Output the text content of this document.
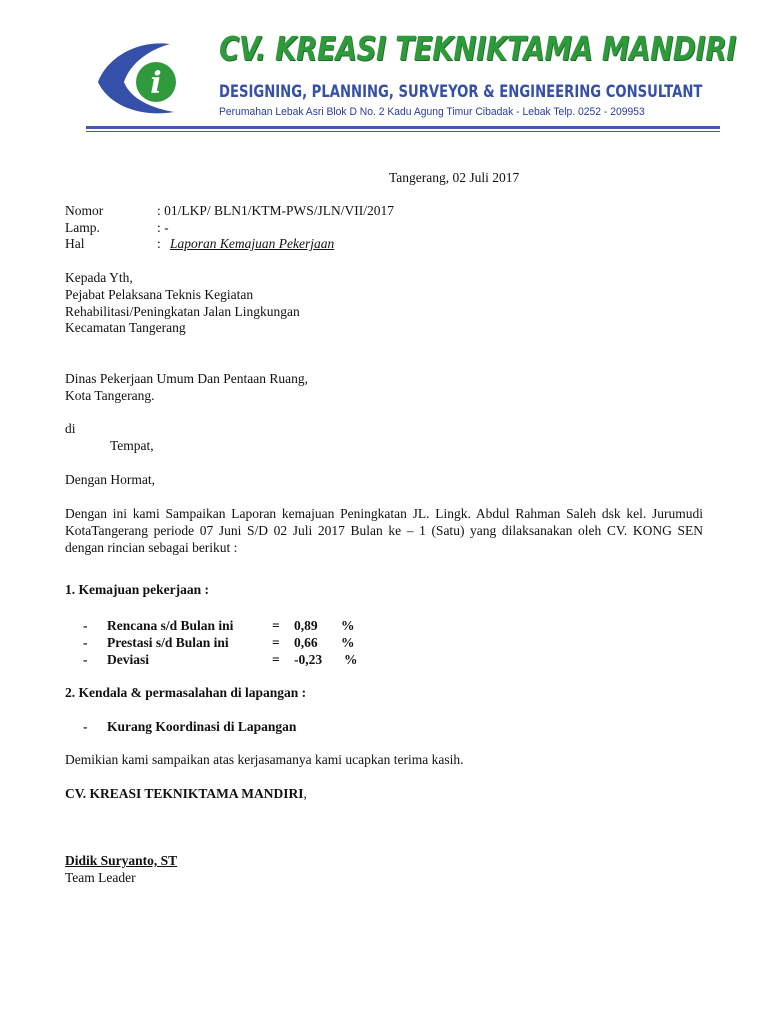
i
CV. KREASI TEKNIKTAMA MANDIRI
DESIGNING, PLANNING, SURVEYOR & ENGINEERING CONSULTANT
Perumahan Lebak Asri Blok D No. 2 Kadu Agung Timur Cibadak - Lebak Telp. 0252 - 209953
Tangerang, 02 Juli 2017
Nomor	: 01/LKP/ BLN1/KTM-PWS/JLN/VII/2017
Lamp.	: -
Hal	: Laporan Kemajuan Pekerjaan
Kepada Yth,
Pejabat Pelaksana Teknis Kegiatan
Rehabilitasi/Peningkatan Jalan Lingkungan
Kecamatan Tangerang
Dinas Pekerjaan Umum Dan Pentaan Ruang,
Kota Tangerang.
di
Tempat,
Dengan Hormat,
Dengan ini kami Sampaikan Laporan kemajuan Peningkatan JL. Lingk. Abdul Rahman Saleh dsk kel. Jurumudi KotaTangerang periode 07 Juni S/D 02 Juli 2017 Bulan ke – 1 (Satu) yang dilaksanakan oleh CV. KONG SEN dengan rincian sebagai berikut :
1. Kemajuan pekerjaan :
- Rencana s/d Bulan ini	= 0,89 %
- Prestasi s/d Bulan ini	= 0,66 %
- Deviasi	= -0,23 %
2. Kendala & permasalahan di lapangan :
- Kurang Koordinasi di Lapangan
Demikian kami sampaikan atas kerjasamanya kami ucapkan terima kasih.
CV. KREASI TEKNIKTAMA MANDIRI,
Didik Suryanto, ST
Team Leader
